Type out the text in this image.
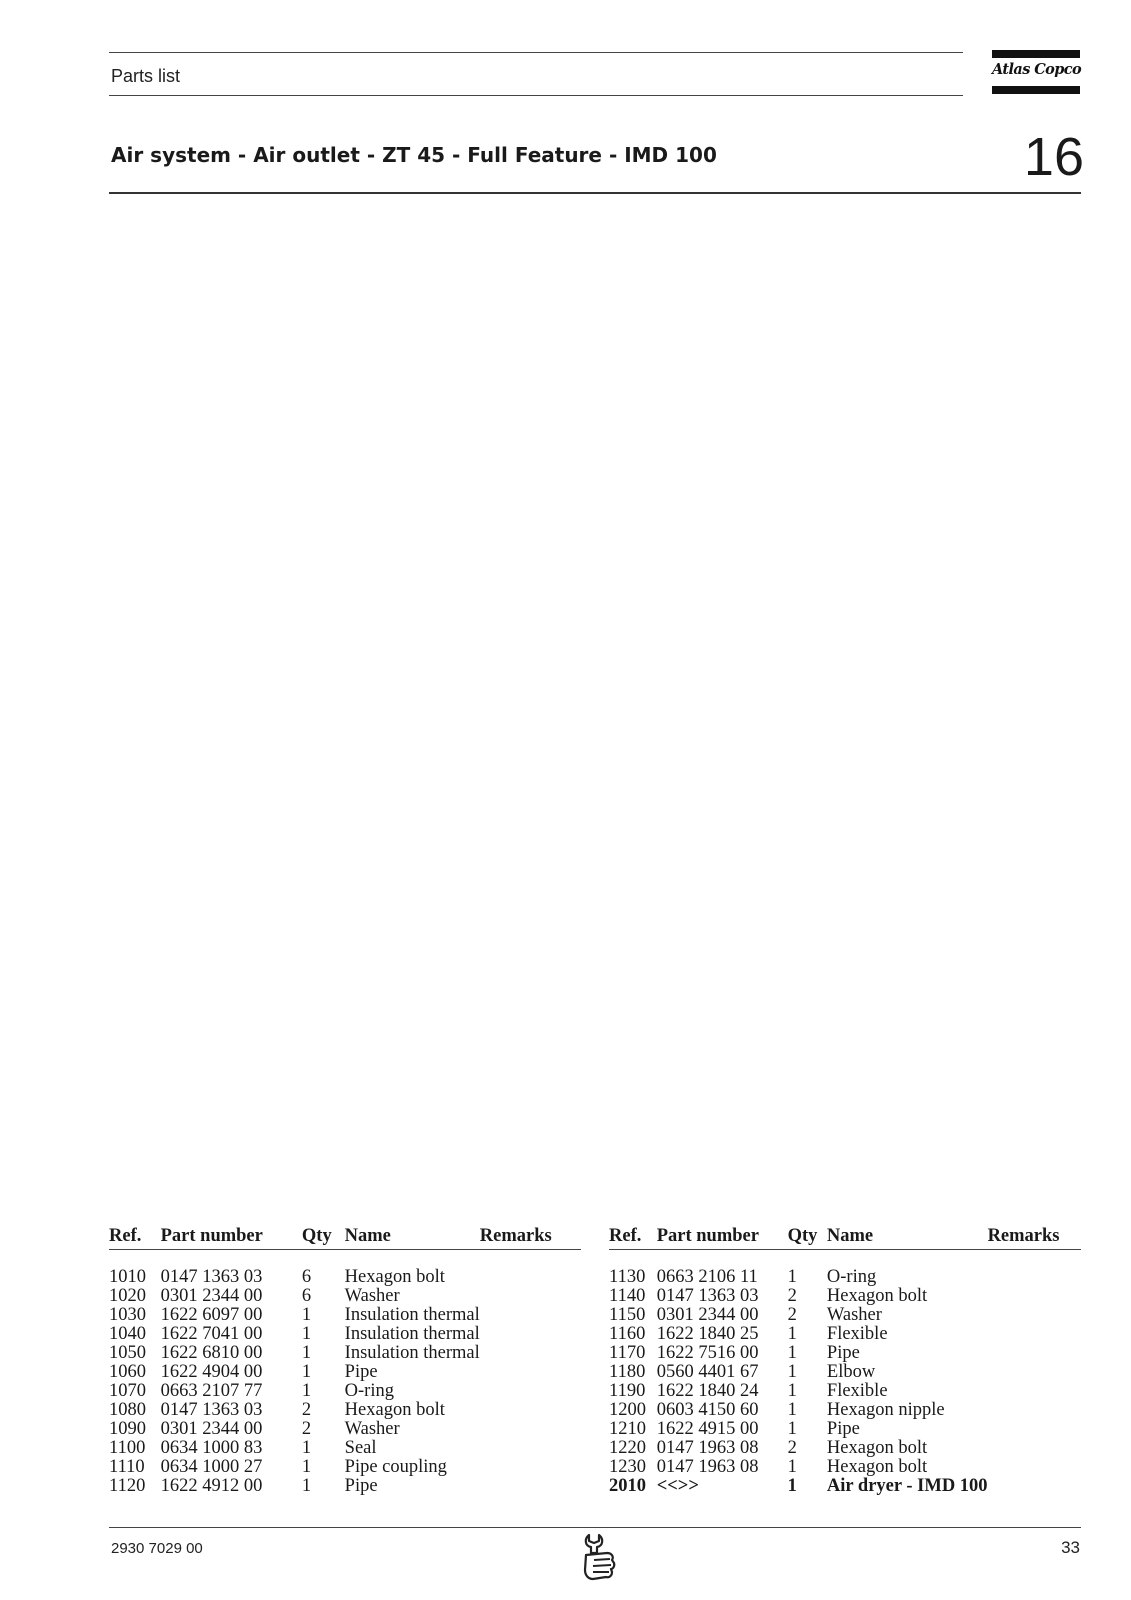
Parts list	Atlas Copco
Air system - Air outlet - ZT 45 - Full Feature - IMD 100	16
Ref.	Part number	Qty	Name	Remarks
1010	0147 1363 03	6	Hexagon bolt	
1020	0301 2344 00	6	Washer	
1030	1622 6097 00	1	Insulation thermal	
1040	1622 7041 00	1	Insulation thermal	
1050	1622 6810 00	1	Insulation thermal	
1060	1622 4904 00	1	Pipe	
1070	0663 2107 77	1	O-ring	
1080	0147 1363 03	2	Hexagon bolt	
1090	0301 2344 00	2	Washer	
1100	0634 1000 83	1	Seal	
1110	0634 1000 27	1	Pipe coupling	
1120	1622 4912 00	1	Pipe	
Ref.	Part number	Qty	Name	Remarks
1130	0663 2106 11	1	O-ring	
1140	0147 1363 03	2	Hexagon bolt	
1150	0301 2344 00	2	Washer	
1160	1622 1840 25	1	Flexible	
1170	1622 7516 00	1	Pipe	
1180	0560 4401 67	1	Elbow	
1190	1622 1840 24	1	Flexible	
1200	0603 4150 60	1	Hexagon nipple	
1210	1622 4915 00	1	Pipe	
1220	0147 1963 08	2	Hexagon bolt	
1230	0147 1963 08	1	Hexagon bolt	
2010	<<>>	1	Air dryer - IMD 100	
2930 7029 00	33
